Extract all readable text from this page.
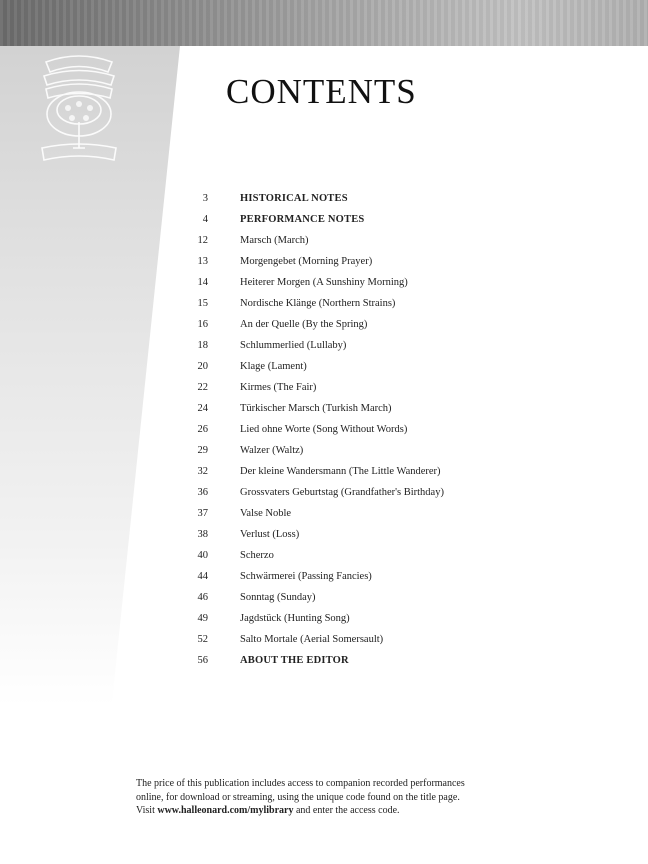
CONTENTS
3	HISTORICAL NOTES
4	PERFORMANCE NOTES
12	Marsch (March)
13	Morgengebet (Morning Prayer)
14	Heiterer Morgen (A Sunshiny Morning)
15	Nordische Klänge (Northern Strains)
16	An der Quelle (By the Spring)
18	Schlummerlied (Lullaby)
20	Klage (Lament)
22	Kirmes (The Fair)
24	Türkischer Marsch (Turkish March)
26	Lied ohne Worte (Song Without Words)
29	Walzer (Waltz)
32	Der kleine Wandersmann (The Little Wanderer)
36	Grossvaters Geburtstag (Grandfather's Birthday)
37	Valse Noble
38	Verlust (Loss)
40	Scherzo
44	Schwärmerei (Passing Fancies)
46	Sonntag (Sunday)
49	Jagdstück (Hunting Song)
52	Salto Mortale (Aerial Somersault)
56	ABOUT THE EDITOR
The price of this publication includes access to companion recorded performances
online, for download or streaming, using the unique code found on the title page.
Visit www.halleonard.com/mylibrary and enter the access code.
